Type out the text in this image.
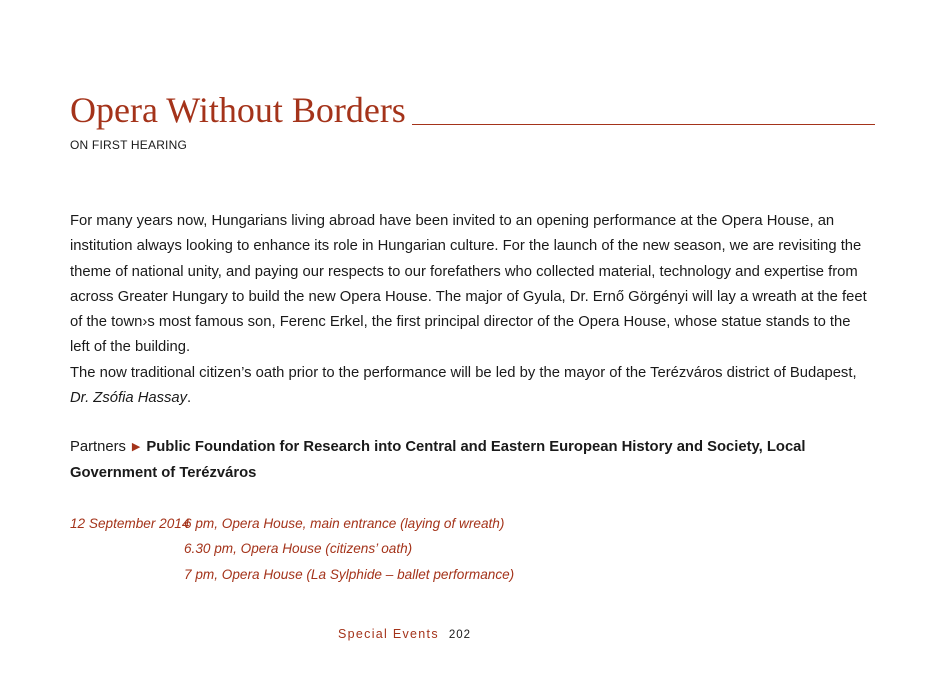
Opera Without Borders
ON FIRST HEARING

For many years now, Hungarians living abroad have been invited to an opening performance at the Opera House, an institution always looking to enhance its role in Hungarian culture. For the launch of the new season, we are revisiting the theme of national unity, and paying our respects to our forefathers who collected material, technology and expertise from across Greater Hungary to build the new Opera House. The major of Gyula, Dr. Ernő Görgényi will lay a wreath at the feet of the town›s most famous son, Ferenc Erkel, the first principal director of the Opera House, whose statue stands to the left of the building.

The now traditional citizen’s oath prior to the performance will be led by the mayor of the Terézváros district of Budapest, Dr. Zsófia Hassay.

Partners ▶ Public Foundation for Research into Central and Eastern European History and Society, Local Government of Terézváros
12 September 2014
6 pm, Opera House, main entrance (laying of wreath)
6.30 pm, Opera House (citizens’ oath)
7 pm, Opera House (La Sylphide – ballet performance)
Special Events 202
